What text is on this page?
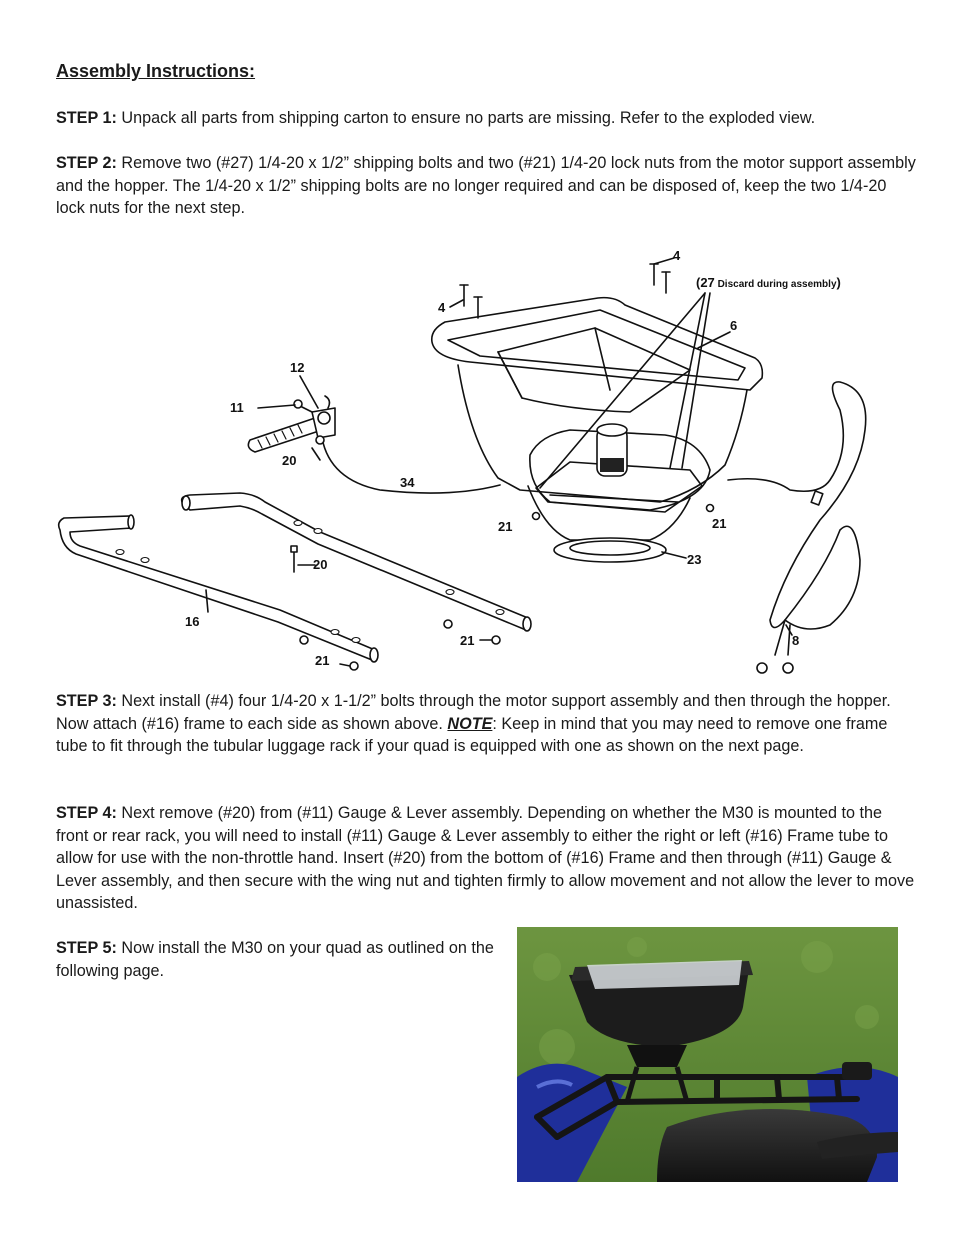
Assembly Instructions:
STEP 1: Unpack all parts from shipping carton to ensure no parts are missing. Refer to the exploded view.
STEP 2: Remove two (#27) 1/4-20 x 1/2” shipping bolts and two (#21) 1/4-20 lock nuts from the motor support assembly and the hopper. The 1/4-20 x 1/2” shipping bolts are no longer required and can be disposed of, keep the two 1/4-20 lock nuts for the next step.
4
(27 Discard during assembly)
4
6
12
11
20
34
21	21
23
20
16
21
21	8
STEP 3: Next install (#4) four 1/4-20 x 1-1/2” bolts through the motor support assembly and then through the hopper. Now attach (#16) frame to each side as shown above. NOTE: Keep in mind that you may need to remove one frame tube to fit through the tubular luggage rack if your quad is equipped with one as shown on the next page.
STEP 4: Next remove (#20) from (#11) Gauge & Lever assembly. Depending on whether the M30 is mounted to the front or rear rack, you will need to install (#11) Gauge & Lever assembly to either the right or left (#16) Frame tube to allow for use with the non-throttle hand. Insert (#20) from the bottom of (#16) Frame and then through (#11) Gauge & Lever assembly, and then secure with the wing nut and tighten firmly to allow movement and not allow the lever to move unassisted.
STEP 5: Now install the M30 on your quad as outlined on the following page.
